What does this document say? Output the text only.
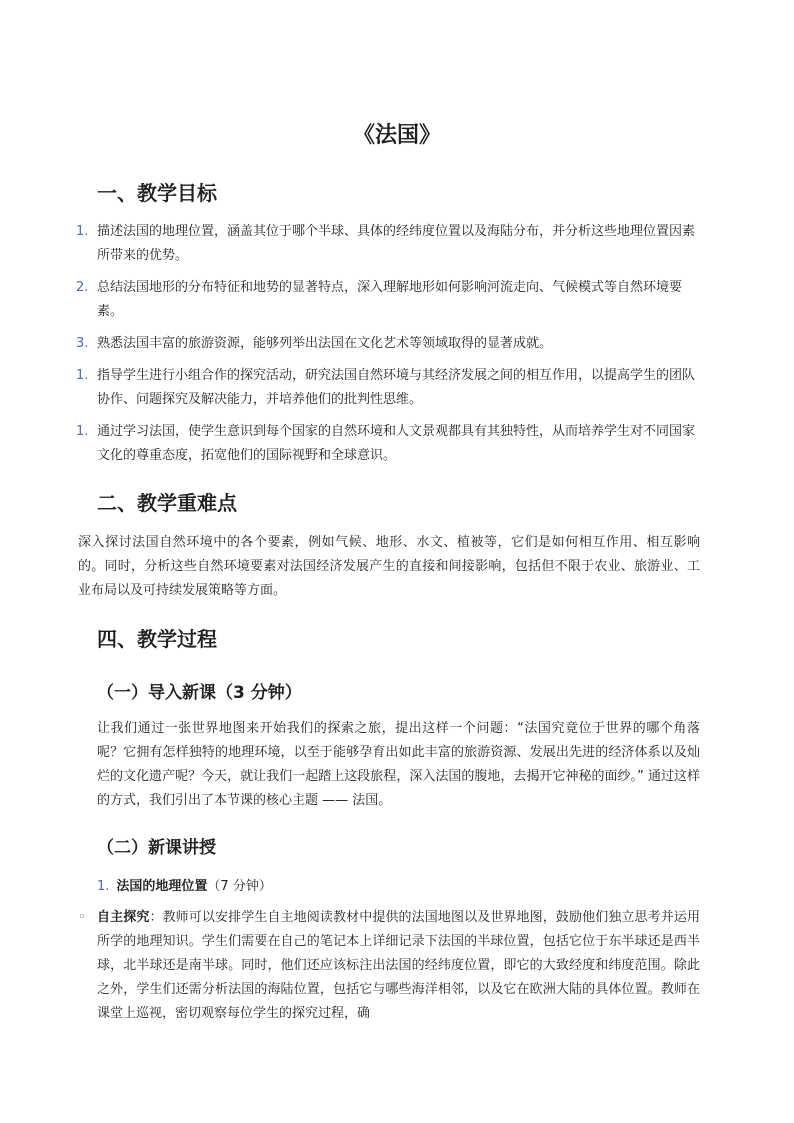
《法国》
一、教学目标
1. 描述法国的地理位置，涵盖其位于哪个半球、具体的经纬度位置以及海陆分布，并分析这些地理位置因素所带来的优势。
2. 总结法国地形的分布特征和地势的显著特点，深入理解地形如何影响河流走向、气候模式等自然环境要素。
3. 熟悉法国丰富的旅游资源，能够列举出法国在文化艺术等领域取得的显著成就。
1. 指导学生进行小组合作的探究活动，研究法国自然环境与其经济发展之间的相互作用，以提高学生的团队协作、问题探究及解决能力，并培养他们的批判性思维。
1. 通过学习法国，使学生意识到每个国家的自然环境和人文景观都具有其独特性，从而培养学生对不同国家文化的尊重态度，拓宽他们的国际视野和全球意识。
二、教学重难点
深入探讨法国自然环境中的各个要素，例如气候、地形、水文、植被等，它们是如何相互作用、相互影响的。同时，分析这些自然环境要素对法国经济发展产生的直接和间接影响，包括但不限于农业、旅游业、工业布局以及可持续发展策略等方面。
四、教学过程
（一）导入新课（3 分钟）
让我们通过一张世界地图来开始我们的探索之旅，提出这样一个问题：“法国究竟位于世界的哪个角落呢？它拥有怎样独特的地理环境，以至于能够孕育出如此丰富的旅游资源、发展出先进的经济体系以及灿烂的文化遗产呢？今天，就让我们一起踏上这段旅程，深入法国的腹地，去揭开它神秘的面纱。” 通过这样的方式，我们引出了本节课的核心主题 —— 法国。
（二）新课讲授
1. 法国的地理位置（7 分钟）
◦ 自主探究：教师可以安排学生自主地阅读教材中提供的法国地图以及世界地图，鼓励他们独立思考并运用所学的地理知识。学生们需要在自己的笔记本上详细记录下法国的半球位置，包括它位于东半球还是西半球，北半球还是南半球。同时，他们还应该标注出法国的经纬度位置，即它的大致经度和纬度范围。除此之外，学生们还需分析法国的海陆位置，包括它与哪些海洋相邻，以及它在欧洲大陆的具体位置。教师在课堂上巡视，密切观察每位学生的探究过程，确
